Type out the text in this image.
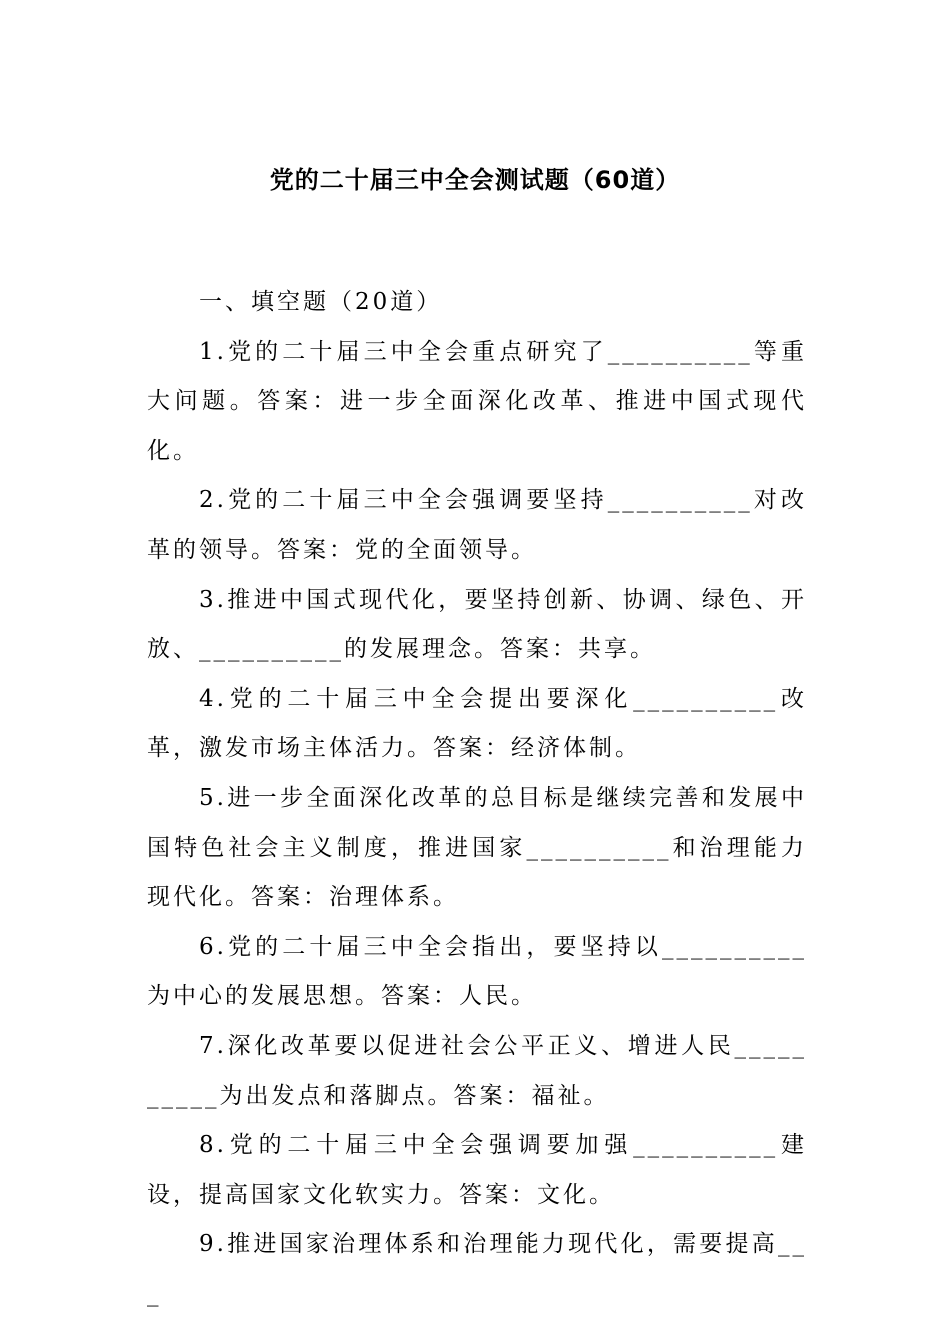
党的二十届三中全会测试题（60道）

一、填空题（20道）

1.党的二十届三中全会重点研究了__________等重大问题。答案：进一步全面深化改革、推进中国式现代化。

2.党的二十届三中全会强调要坚持__________对改革的领导。答案：党的全面领导。

3.推进中国式现代化，要坚持创新、协调、绿色、开放、__________的发展理念。答案：共享。

4.党的二十届三中全会提出要深化__________改革，激发市场主体活力。答案：经济体制。

5.进一步全面深化改革的总目标是继续完善和发展中国特色社会主义制度，推进国家__________和治理能力现代化。答案：治理体系。

6.党的二十届三中全会指出，要坚持以__________为中心的发展思想。答案：人民。

7.深化改革要以促进社会公平正义、增进人民__________为出发点和落脚点。答案：福祉。

8.党的二十届三中全会强调要加强__________建设，提高国家文化软实力。答案：文化。

9.推进国家治理体系和治理能力现代化，需要提高___
